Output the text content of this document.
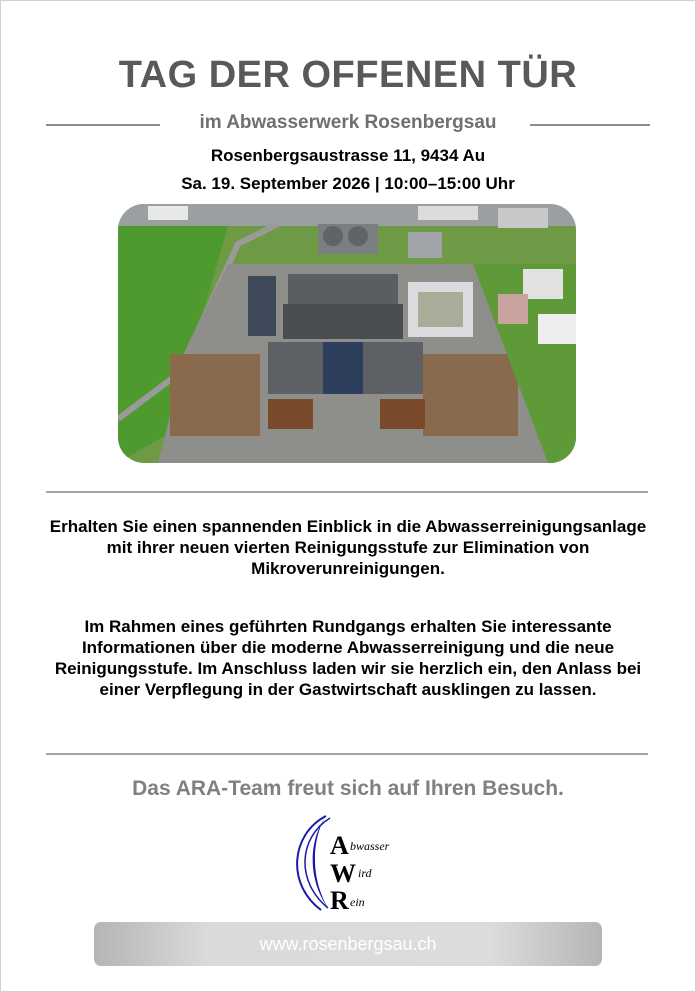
TAG DER OFFENEN TÜR
im Abwasserwerk Rosenbergsau
Rosenbergsaustrasse 11, 9434 Au
Sa. 19. September 2026 | 10:00–15:00 Uhr
Erhalten Sie einen spannenden Einblick in die Abwasserreinigungsanlage mit ihrer neuen vierten Reinigungsstufe zur Elimination von Mikroverunreinigungen.
Im Rahmen eines geführten Rundgangs erhalten Sie interessante Informationen über die moderne Abwasserreinigung und die neue Reinigungsstufe. Im Anschluss laden wir sie herzlich ein, den Anlass bei einer Verpflegung in der Gastwirtschaft ausklingen zu lassen.
Das ARA-Team freut sich auf Ihren Besuch.
A
W
R
bwasser
ird
ein
www.rosenbergsau.ch
